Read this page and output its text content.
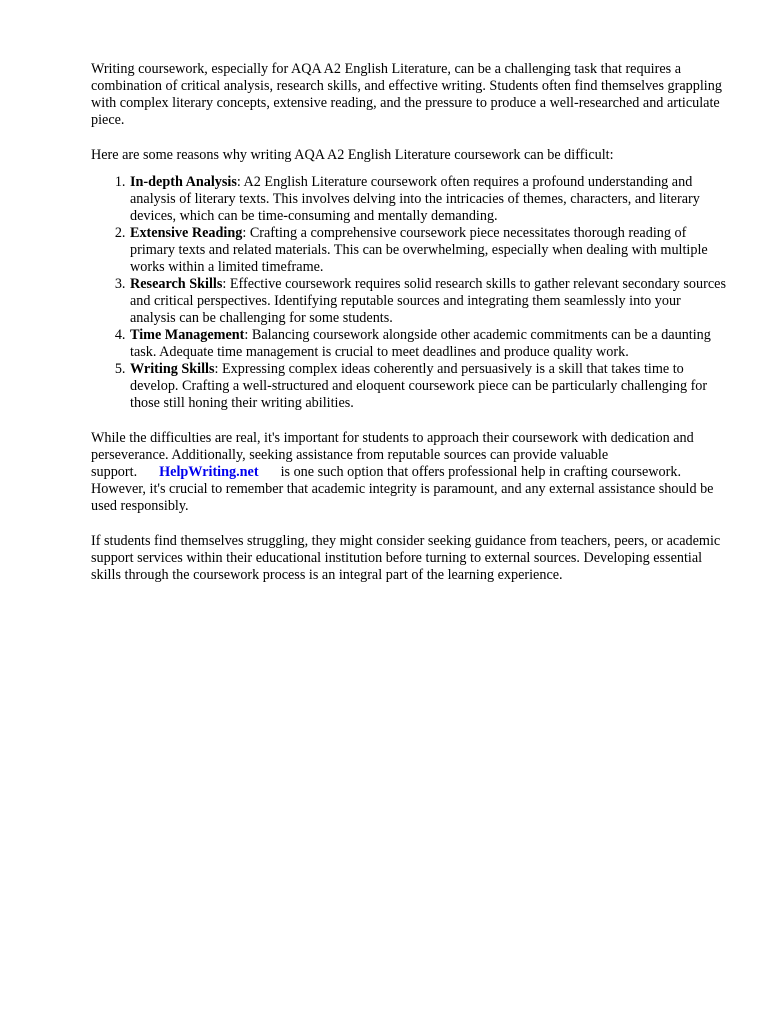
Writing coursework, especially for AQA A2 English Literature, can be a challenging task that requires a combination of critical analysis, research skills, and effective writing. Students often find themselves grappling with complex literary concepts, extensive reading, and the pressure to produce a well-researched and articulate piece.

Here are some reasons why writing AQA A2 English Literature coursework can be difficult:

1. In-depth Analysis: A2 English Literature coursework often requires a profound understanding and analysis of literary texts. This involves delving into the intricacies of themes, characters, and literary devices, which can be time-consuming and mentally demanding.
2. Extensive Reading: Crafting a comprehensive coursework piece necessitates thorough reading of primary texts and related materials. This can be overwhelming, especially when dealing with multiple works within a limited timeframe.
3. Research Skills: Effective coursework requires solid research skills to gather relevant secondary sources and critical perspectives. Identifying reputable sources and integrating them seamlessly into your analysis can be challenging for some students.
4. Time Management: Balancing coursework alongside other academic commitments can be a daunting task. Adequate time management is crucial to meet deadlines and produce quality work.
5. Writing Skills: Expressing complex ideas coherently and persuasively is a skill that takes time to develop. Crafting a well-structured and eloquent coursework piece can be particularly challenging for those still honing their writing abilities.

While the difficulties are real, it's important for students to approach their coursework with dedication and perseverance. Additionally, seeking assistance from reputable sources can provide valuable support. HelpWriting.net is one such option that offers professional help in crafting coursework. However, it's crucial to remember that academic integrity is paramount, and any external assistance should be used responsibly.

If students find themselves struggling, they might consider seeking guidance from teachers, peers, or academic support services within their educational institution before turning to external sources. Developing essential skills through the coursework process is an integral part of the learning experience.
